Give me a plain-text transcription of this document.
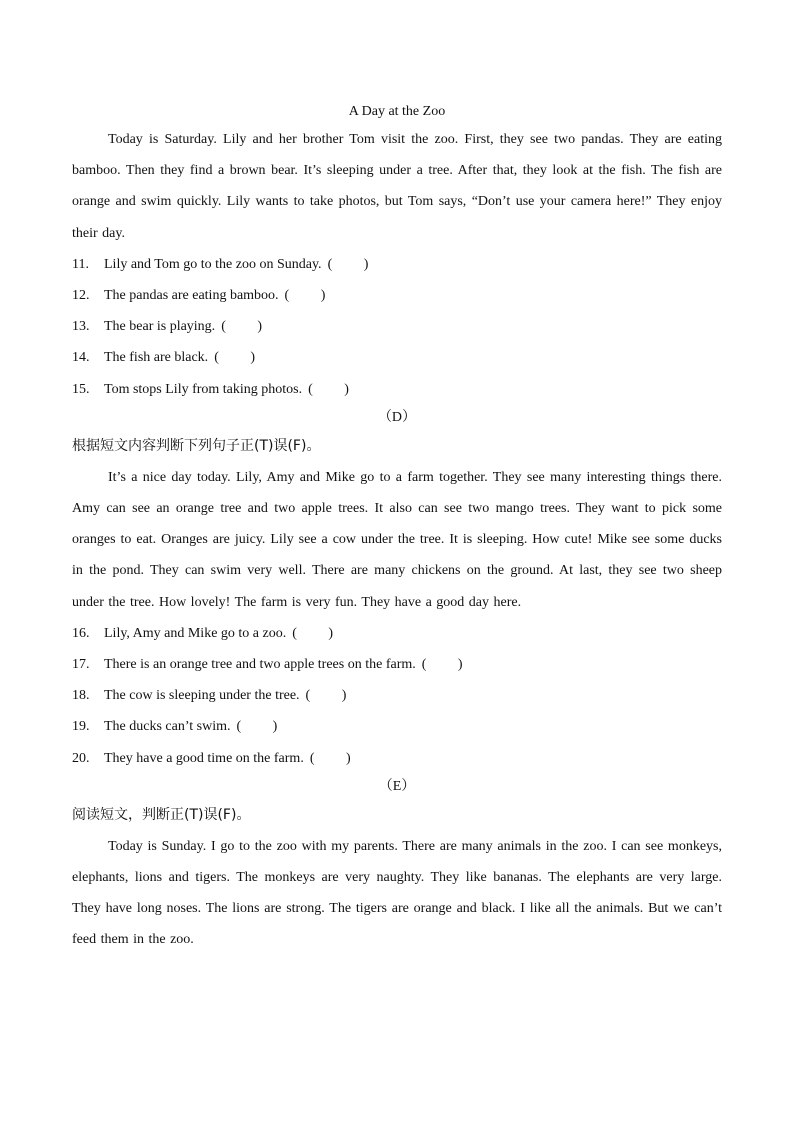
A Day at the Zoo

Today is Saturday. Lily and her brother Tom visit the zoo. First, they see two pandas. They are eating bamboo. Then they find a brown bear. It’s sleeping under a tree. After that, they look at the fish. The fish are orange and swim quickly. Lily wants to take photos, but Tom says, “Don’t use your camera here!” They enjoy their day.

11. Lily and Tom go to the zoo on Sunday. (         )

12. The pandas are eating bamboo. (         )

13. The bear is playing. (         )

14. The fish are black. (         )

15. Tom stops Lily from taking photos. (         )

（D）

根据短文内容判断下列句子正(T)误(F)。

It’s a nice day today. Lily, Amy and Mike go to a farm together. They see many interesting things there. Amy can see an orange tree and two apple trees. It also can see two mango trees. They want to pick some oranges to eat. Oranges are juicy. Lily see a cow under the tree. It is sleeping. How cute! Mike see some ducks in the pond. They can swim very well. There are many chickens on the ground. At last, they see two sheep under the tree. How lovely! The farm is very fun. They have a good day here.

16. Lily, Amy and Mike go to a zoo. (         )

17. There is an orange tree and two apple trees on the farm. (         )

18. The cow is sleeping under the tree. (         )

19. The ducks can’t swim. (         )

20. They have a good time on the farm. (         )

（E）

阅读短文，判断正(T)误(F)。

Today is Sunday. I go to the zoo with my parents. There are many animals in the zoo. I can see monkeys, elephants, lions and tigers. The monkeys are very naughty. They like bananas. The elephants are very large. They have long noses. The lions are strong. The tigers are orange and black. I like all the animals. But we can’t feed them in the zoo.
